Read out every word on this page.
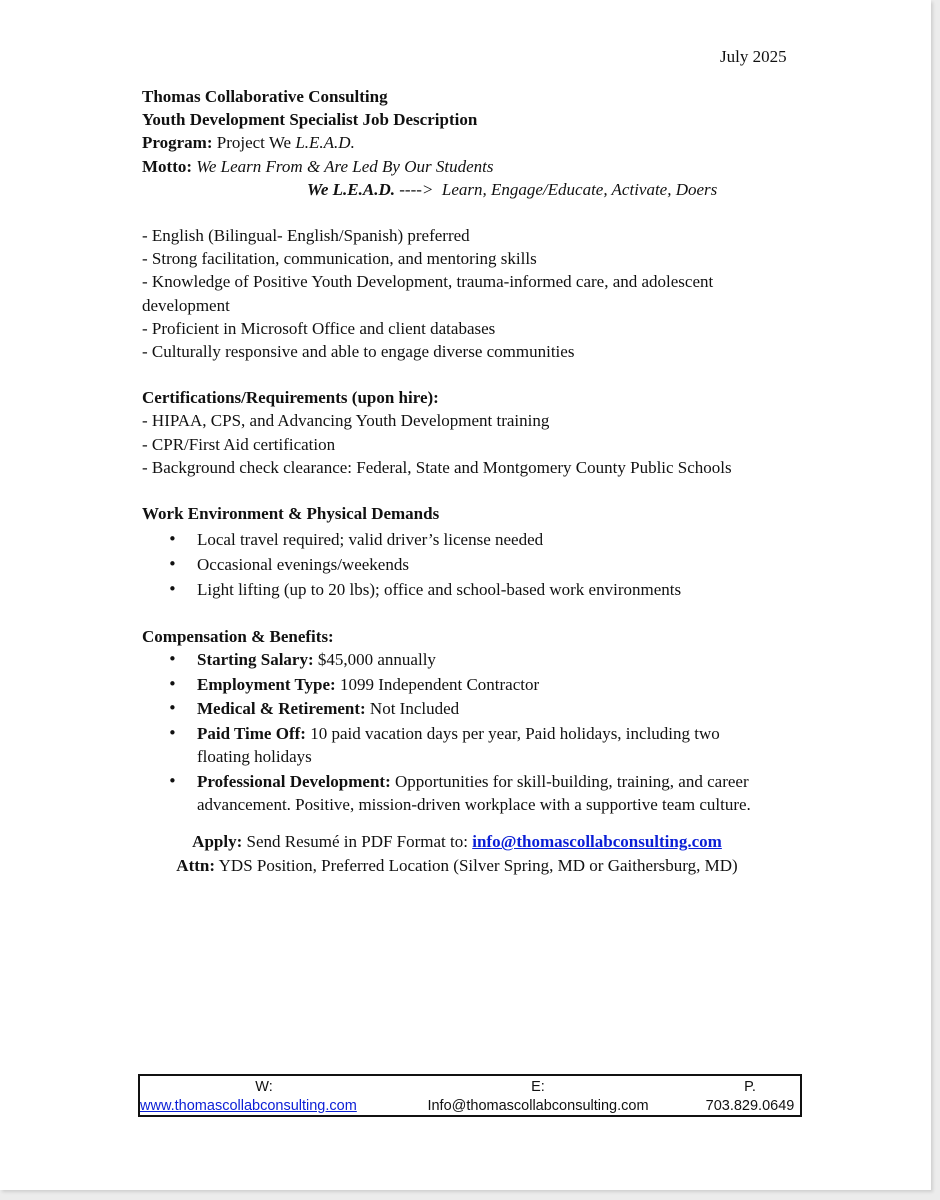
July 2025
Thomas Collaborative Consulting
Youth Development Specialist Job Description
Program: Project We L.E.A.D.
Motto: We Learn From & Are Led By Our Students
We L.E.A.D. ---->  Learn, Engage/Educate, Activate, Doers
- English (Bilingual- English/Spanish) preferred
- Strong facilitation, communication, and mentoring skills
- Knowledge of Positive Youth Development, trauma-informed care, and adolescent development
- Proficient in Microsoft Office and client databases
- Culturally responsive and able to engage diverse communities
Certifications/Requirements (upon hire):
- HIPAA, CPS, and Advancing Youth Development training
- CPR/First Aid certification
- Background check clearance: Federal, State and Montgomery County Public Schools
Work Environment & Physical Demands
• Local travel required; valid driver’s license needed
• Occasional evenings/weekends
• Light lifting (up to 20 lbs); office and school-based work environments
Compensation & Benefits:
• Starting Salary: $45,000 annually
• Employment Type: 1099 Independent Contractor
• Medical & Retirement: Not Included
• Paid Time Off: 10 paid vacation days per year, Paid holidays, including two floating holidays
• Professional Development: Opportunities for skill-building, training, and career advancement. Positive, mission-driven workplace with a supportive team culture.
Apply: Send Resumé in PDF Format to: info@thomascollabconsulting.com
Attn: YDS Position, Preferred Location (Silver Spring, MD or Gaithersburg, MD)
W:
www.thomascollabconsulting.com
E:
Info@thomascollabconsulting.com
P.
703.829.0649
